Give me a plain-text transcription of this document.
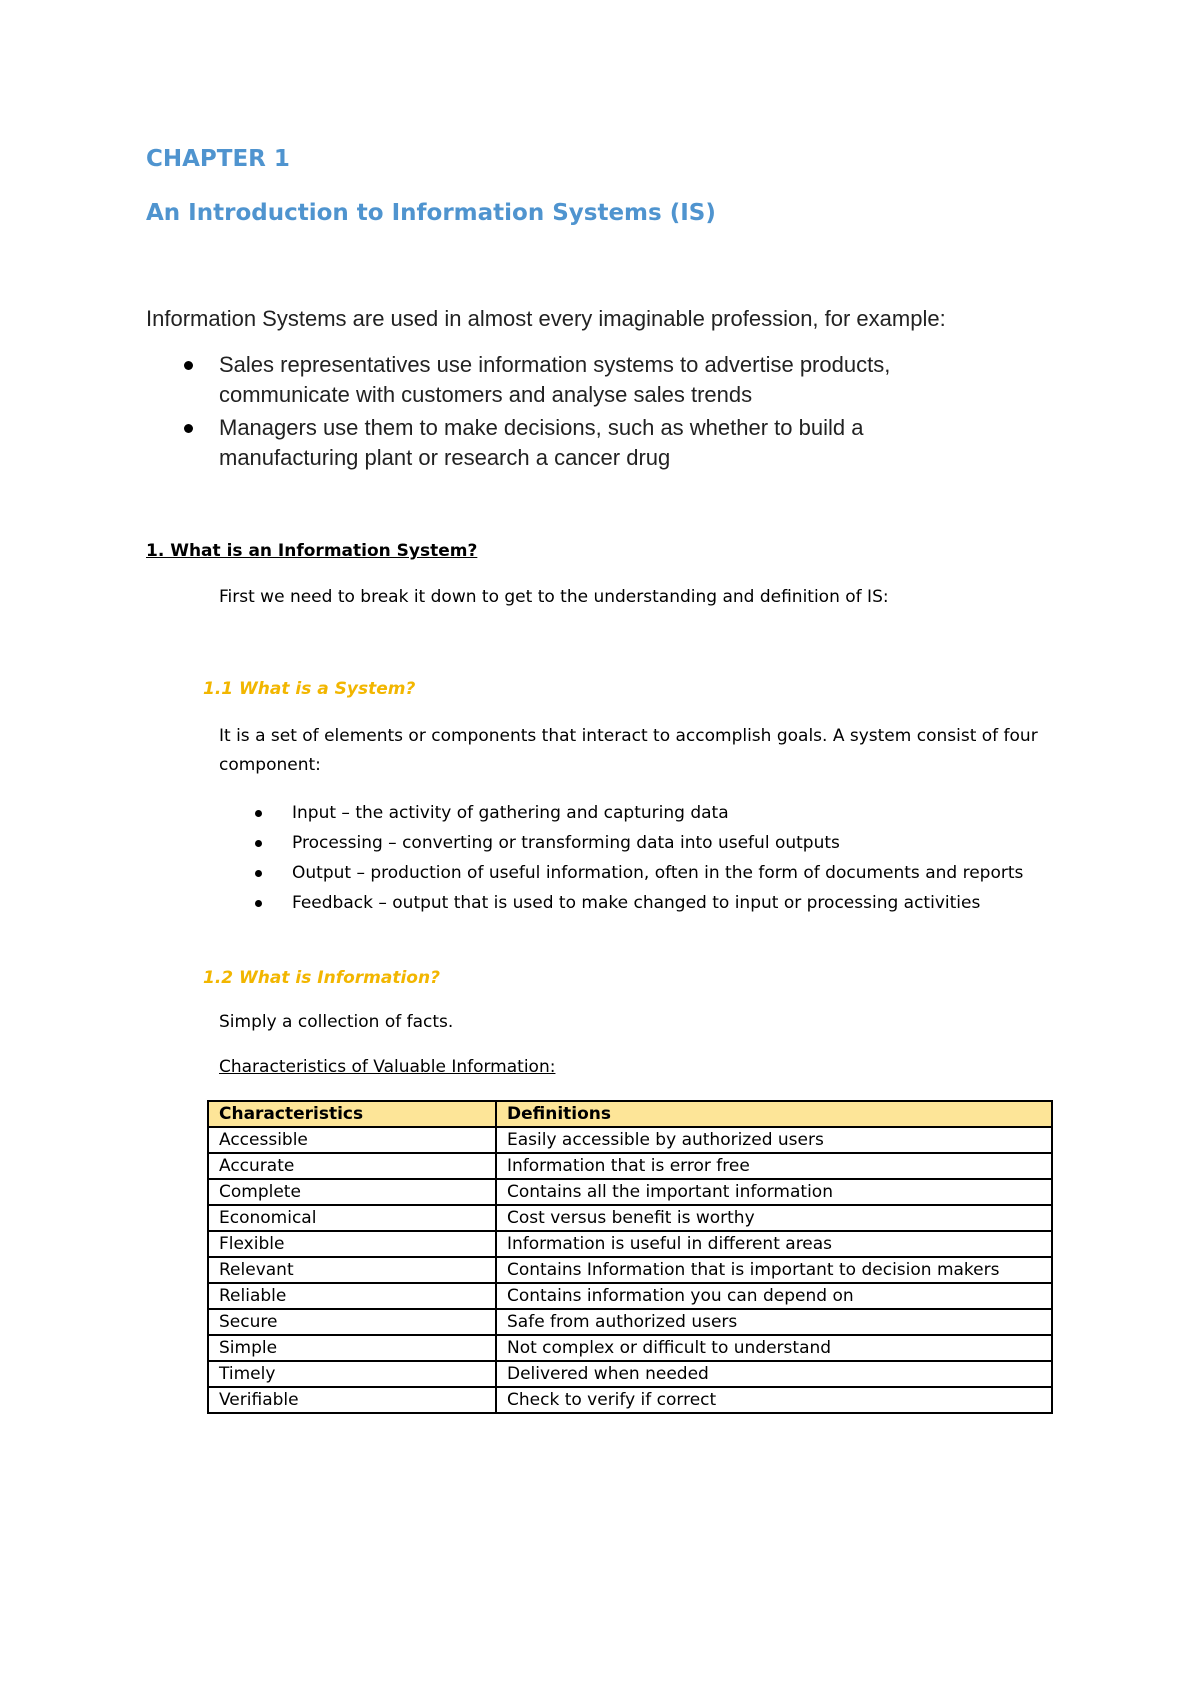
CHAPTER 1
An Introduction to Information Systems (IS)

Information Systems are used in almost every imaginable profession, for example:

Sales representatives use information systems to advertise products, communicate with customers and analyse sales trends
Managers use them to make decisions, such as whether to build a manufacturing plant or research a cancer drug
1. What is an Information System?

First we need to break it down to get to the understanding and definition of IS:

1.1 What is a System?

It is a set of elements or components that interact to accomplish goals. A system consist of four component:

Input – the activity of gathering and capturing data
Processing – converting or transforming data into useful outputs
Output – production of useful information, often in the form of documents and reports
Feedback – output that is used to make changed to input or processing activities
1.2 What is Information?

Simply a collection of facts.

Characteristics of Valuable Information:

Characteristics	Definitions
Accessible	Easily accessible by authorized users
Accurate	Information that is error free
Complete	Contains all the important information
Economical	Cost versus benefit is worthy
Flexible	Information is useful in different areas
Relevant	Contains Information that is important to decision makers
Reliable	Contains information you can depend on
Secure	Safe from authorized users
Simple	Not complex or difficult to understand
Timely	Delivered when needed
Verifiable	Check to verify if correct
